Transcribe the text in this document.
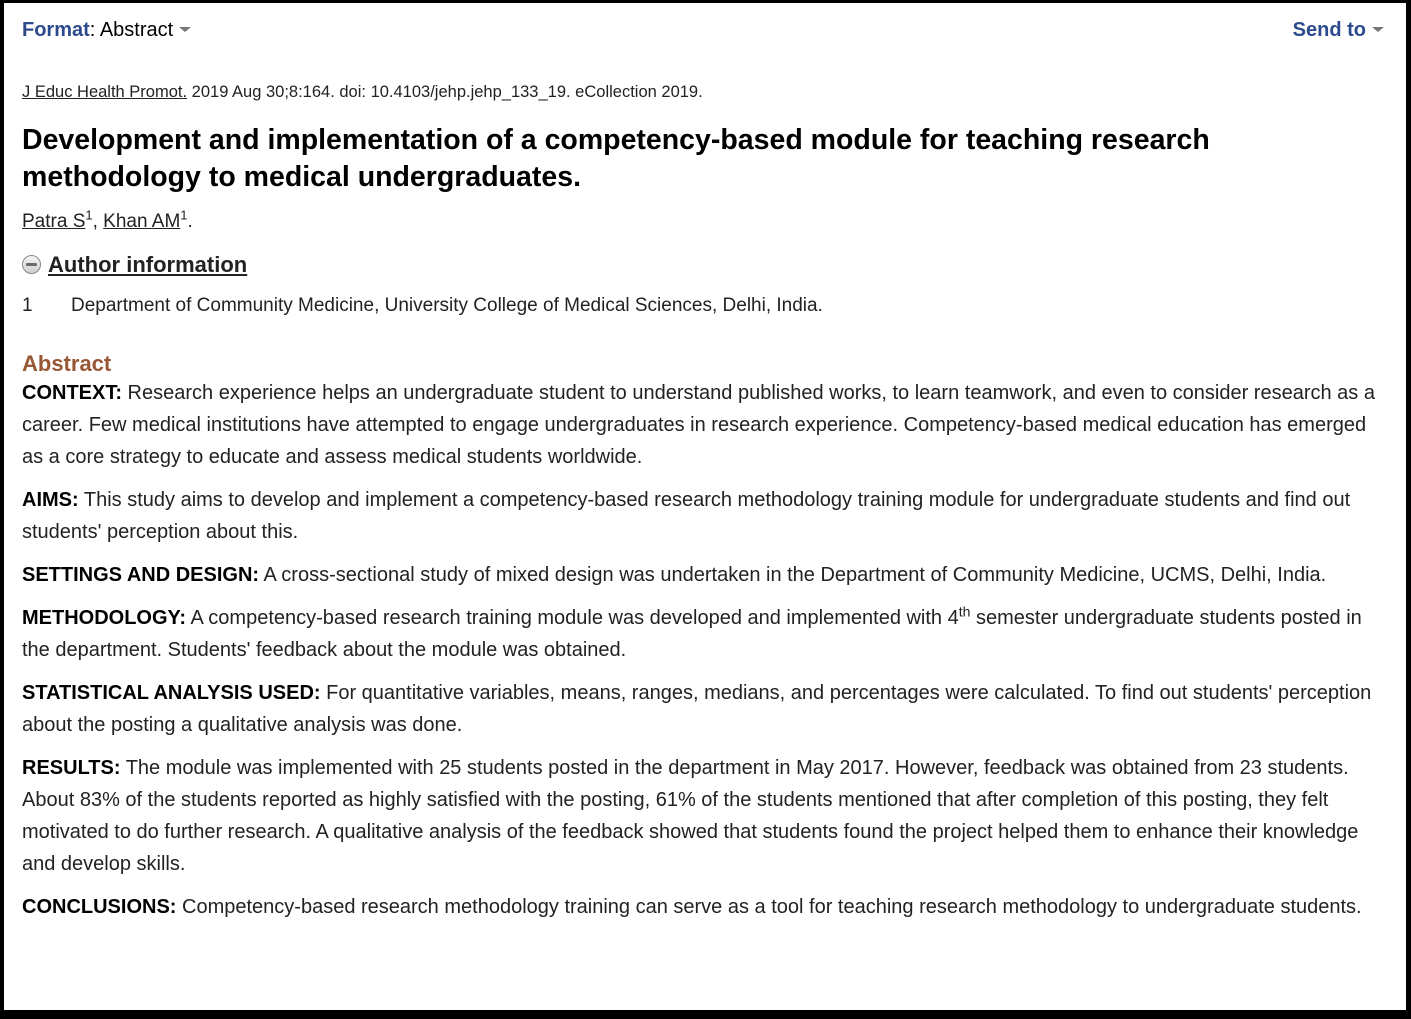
Format: Abstract	Send to
J Educ Health Promot. 2019 Aug 30;8:164. doi: 10.4103/jehp.jehp_133_19. eCollection 2019.
Development and implementation of a competency-based module for teaching research methodology to medical undergraduates.
Patra $S^1$, Khan $AM^1$.
Author information
1 Department of Community Medicine, University College of Medical Sciences, Delhi, India.
Abstract

CONTEXT: Research experience helps an undergraduate student to understand published works, to learn teamwork, and even to consider research as a career. Few medical institutions have attempted to engage undergraduates in research experience. Competency-based medical education has emerged as a core strategy to educate and assess medical students worldwide.

AIMS: This study aims to develop and implement a competency-based research methodology training module for undergraduate students and find out students' perception about this.

SETTINGS AND DESIGN: A cross-sectional study of mixed design was undertaken in the Department of Community Medicine, UCMS, Delhi, India.

METHODOLOGY: A competency-based research training module was developed and implemented with 4th semester undergraduate students posted in the department. Students' feedback about the module was obtained.

STATISTICAL ANALYSIS USED: For quantitative variables, means, ranges, medians, and percentages were calculated. To find out students' perception about the posting a qualitative analysis was done.

RESULTS: The module was implemented with 25 students posted in the department in May 2017. However, feedback was obtained from 23 students. About 83% of the students reported as highly satisfied with the posting, 61% of the students mentioned that after completion of this posting, they felt motivated to do further research. A qualitative analysis of the feedback showed that students found the project helped them to enhance their knowledge and develop skills.

CONCLUSIONS: Competency-based research methodology training can serve as a tool for teaching research methodology to undergraduate students.
